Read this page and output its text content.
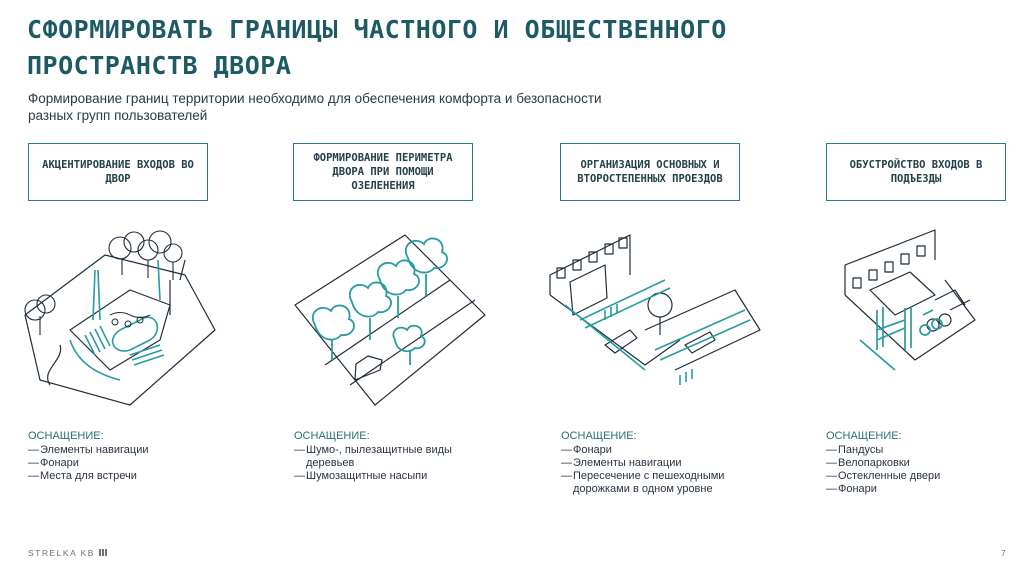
СФОРМИРОВАТЬ ГРАНИЦЫ ЧАСТНОГО И ОБЩЕСТВЕННОГО ПРОСТРАНСТВ ДВОРА

Формирование границ территории необходимо для обеспечения комфорта и безопасности разных групп пользователей

АКЦЕНТИРОВАНИЕ ВХОДОВ ВО ДВОР
ФОРМИРОВАНИЕ ПЕРИМЕТРА ДВОРА ПРИ ПОМОЩИ ОЗЕЛЕНЕНИЯ
ОРГАНИЗАЦИЯ ОСНОВНЫХ И ВТОРОСТЕПЕННЫХ ПРОЕЗДОВ
ОБУСТРОЙСТВО ВХОДОВ В ПОДЪЕЗДЫ
ОСНАЩЕНИЕ:
— Элементы навигации
— Фонари
— Места для встречи
ОСНАЩЕНИЕ:
— Шумо-, пылезащитные виды деревьев
— Шумозащитные насыпи
ОСНАЩЕНИЕ:
— Фонари
— Элементы навигации
— Пересечение с пешеходными дорожками в одном уровне
ОСНАЩЕНИЕ:
— Пандусы
— Велопарковки
— Остекленные двери
— Фонари
STRELKA KB	7
